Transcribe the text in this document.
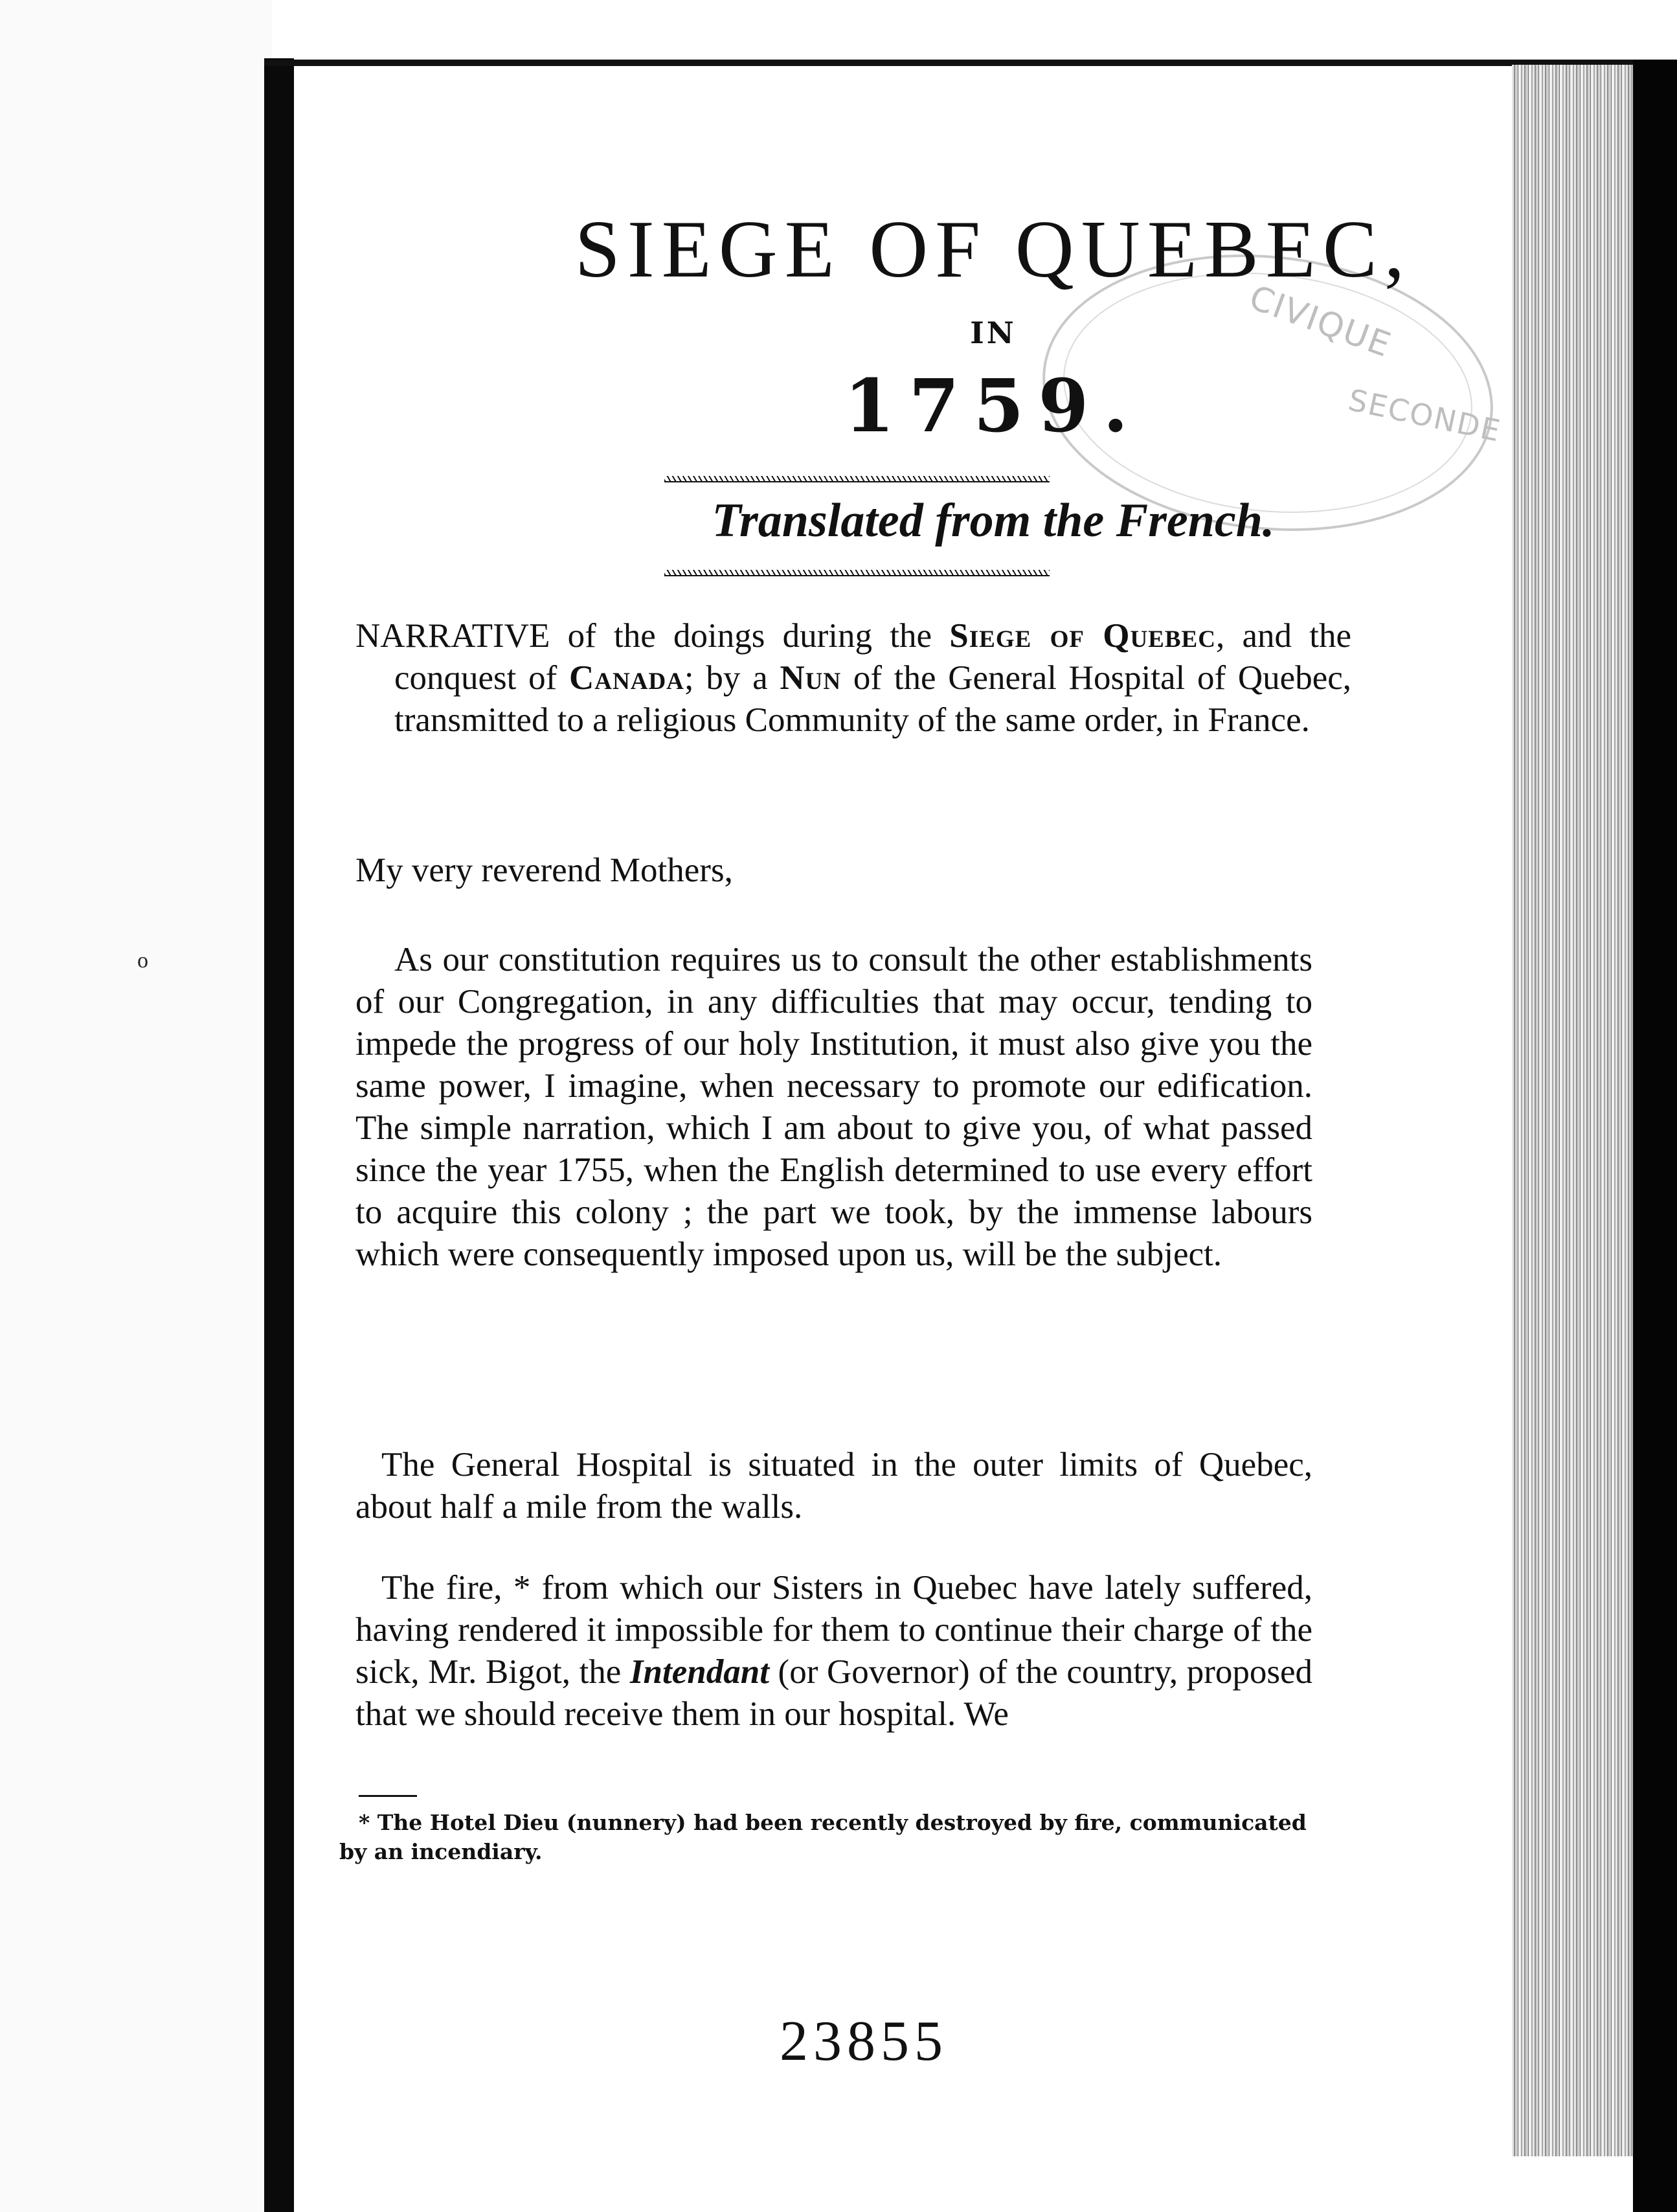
o
CIVIQUE
SECONDE
SIEGE OF QUEBEC,
IN
1759.
Translated from the French.

NARRATIVE of the doings during the Siege of Quebec, and the conquest of Canada; by a Nun of the General Hospital of Quebec, transmitted to a religious Community of the same order, in France.

My very reverend Mothers,

As our constitution requires us to consult the other establishments of our Congregation, in any difficulties that may occur, tending to impede the progress of our holy Institution, it must also give you the same power, I imagine, when necessary to promote our edification. The simple narration, which I am about to give you, of what passed since the year 1755, when the English determined to use every effort to acquire this colony ; the part we took, by the immense labours which were consequently imposed upon us, will be the subject.

The General Hospital is situated in the outer limits of Quebec, about half a mile from the walls.

The fire, * from which our Sisters in Quebec have lately suffered, having rendered it impossible for them to continue their charge of the sick, Mr. Bigot, the Intendant (or Governor) of the country, proposed that we should receive them in our hospital. We

* The Hotel Dieu (nunnery) had been recently destroyed by fire, communicated by an incendiary.

23855
